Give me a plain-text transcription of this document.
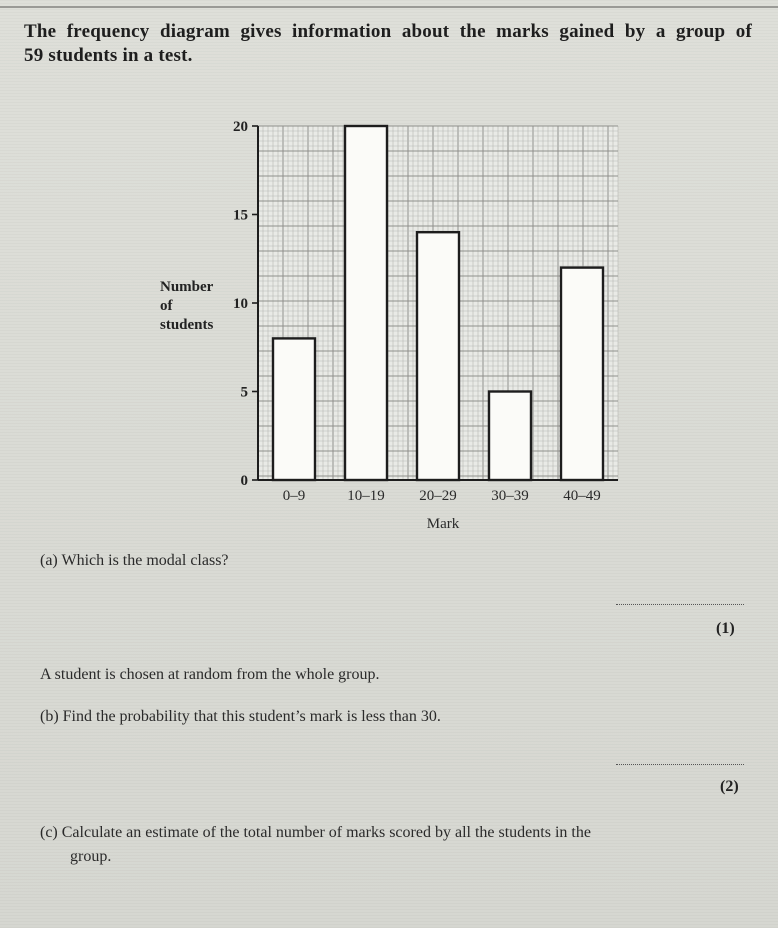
The frequency diagram gives information about the marks gained by a group of
59 students in a test.
0–9	10–19 20–29 30–39 40–49
0
5
10
15
20
Number
of
students
Mark
(a) Which is the modal class?
(1)
A student is chosen at random from the whole group.
(b) Find the probability that this student’s mark is less than 30.
(2)
(c) Calculate an estimate of the total number of marks scored by all the students in the
group.
